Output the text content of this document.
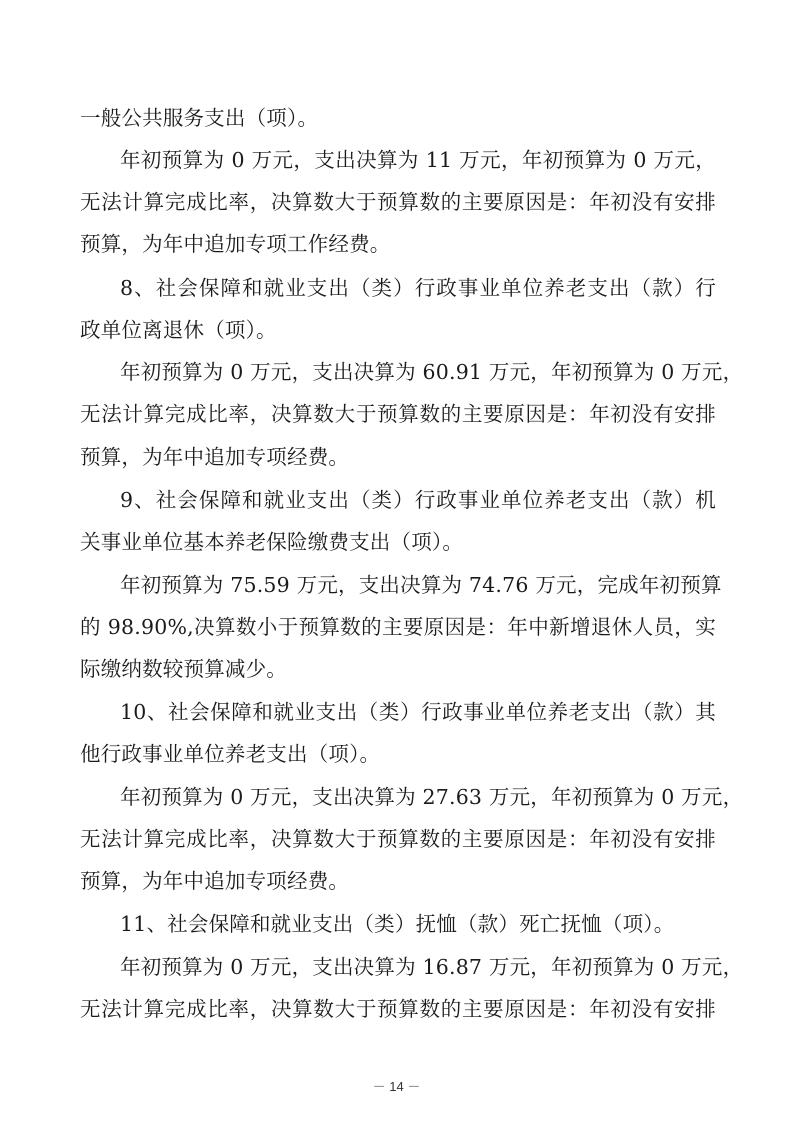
一般公共服务支出（项）。
年初预算为 0 万元，支出决算为 11 万元，年初预算为 0 万元，
无法计算完成比率，决算数大于预算数的主要原因是：年初没有安排
预算，为年中追加专项工作经费。
8、社会保障和就业支出（类）行政事业单位养老支出（款）行
政单位离退休（项）。
年初预算为 0 万元，支出决算为 60.91 万元，年初预算为 0 万元，
无法计算完成比率，决算数大于预算数的主要原因是：年初没有安排
预算，为年中追加专项经费。
9、社会保障和就业支出（类）行政事业单位养老支出（款）机
关事业单位基本养老保险缴费支出（项）。
年初预算为 75.59 万元，支出决算为 74.76 万元，完成年初预算
的 98.90%,决算数小于预算数的主要原因是：年中新增退休人员，实
际缴纳数较预算减少。
10、社会保障和就业支出（类）行政事业单位养老支出（款）其
他行政事业单位养老支出（项）。
年初预算为 0 万元，支出决算为 27.63 万元，年初预算为 0 万元，
无法计算完成比率，决算数大于预算数的主要原因是：年初没有安排
预算，为年中追加专项经费。
11、社会保障和就业支出（类）抚恤（款）死亡抚恤（项）。
年初预算为 0 万元，支出决算为 16.87 万元，年初预算为 0 万元，
无法计算完成比率，决算数大于预算数的主要原因是：年初没有安排
－ 14 －
